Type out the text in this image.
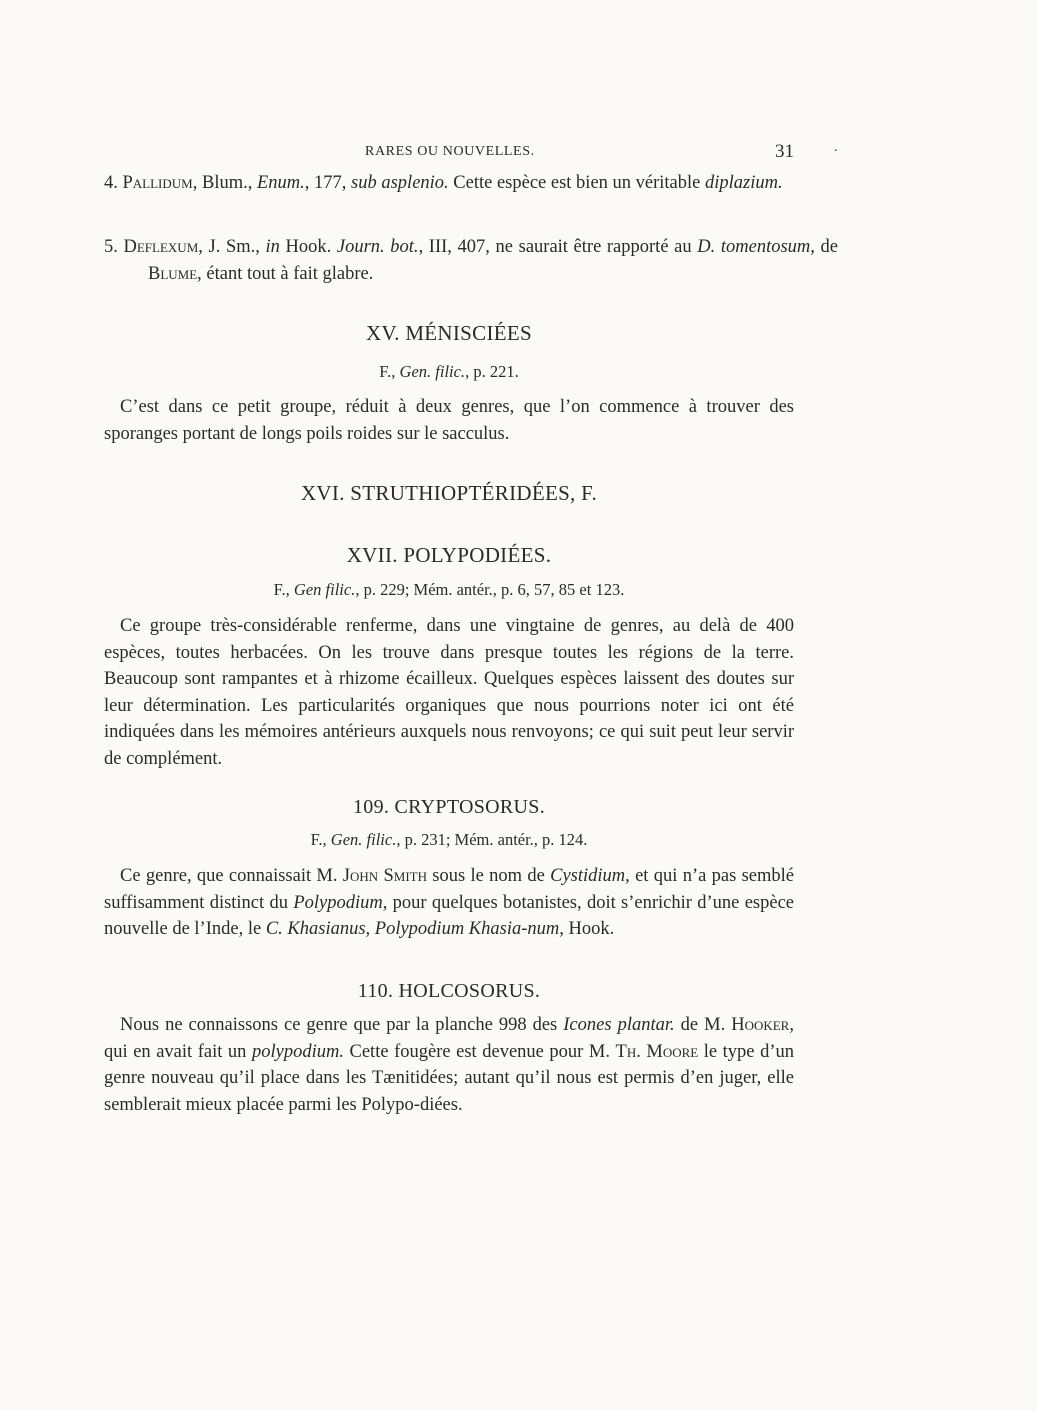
RARES OU NOUVELLES.	31	.
4. Pallidum, Blum., Enum., 177, sub asplenio. Cette espèce est bien un véritable diplazium.
5. Deflexum, J. Sm., in Hook. Journ. bot., III, 407, ne saurait être rapporté au D. tomentosum, de Blume, étant tout à fait glabre.
XV. MÉNISCIÉES
F., Gen. filic., p. 221.
C’est dans ce petit groupe, réduit à deux genres, que l’on commence à trouver des sporanges portant de longs poils roides sur le sacculus.
XVI. STRUTHIOPTÉRIDÉES, F.
XVII. POLYPODIÉES.
F., Gen filic., p. 229; Mém. antér., p. 6, 57, 85 et 123.
Ce groupe très-considérable renferme, dans une vingtaine de genres, au delà de 400 espèces, toutes herbacées. On les trouve dans presque toutes les régions de la terre. Beaucoup sont rampantes et à rhizome écailleux. Quelques espèces laissent des doutes sur leur détermination. Les particularités organiques que nous pourrions noter ici ont été indiquées dans les mémoires antérieurs auxquels nous renvoyons; ce qui suit peut leur servir de complément.
109. CRYPTOSORUS.
F., Gen. filic., p. 231; Mém. antér., p. 124.
Ce genre, que connaissait M. John Smith sous le nom de Cystidium, et qui n’a pas semblé suffisamment distinct du Polypodium, pour quelques botanistes, doit s’enrichir d’une espèce nouvelle de l’Inde, le C. Khasianus, Polypodium Khasia-num, Hook.
110. HOLCOSORUS.
Nous ne connaissons ce genre que par la planche 998 des Icones plantar. de M. Hooker, qui en avait fait un polypodium. Cette fougère est devenue pour M. Th. Moore le type d’un genre nouveau qu’il place dans les Tænitidées; autant qu’il nous est permis d’en juger, elle semblerait mieux placée parmi les Polypo-diées.
